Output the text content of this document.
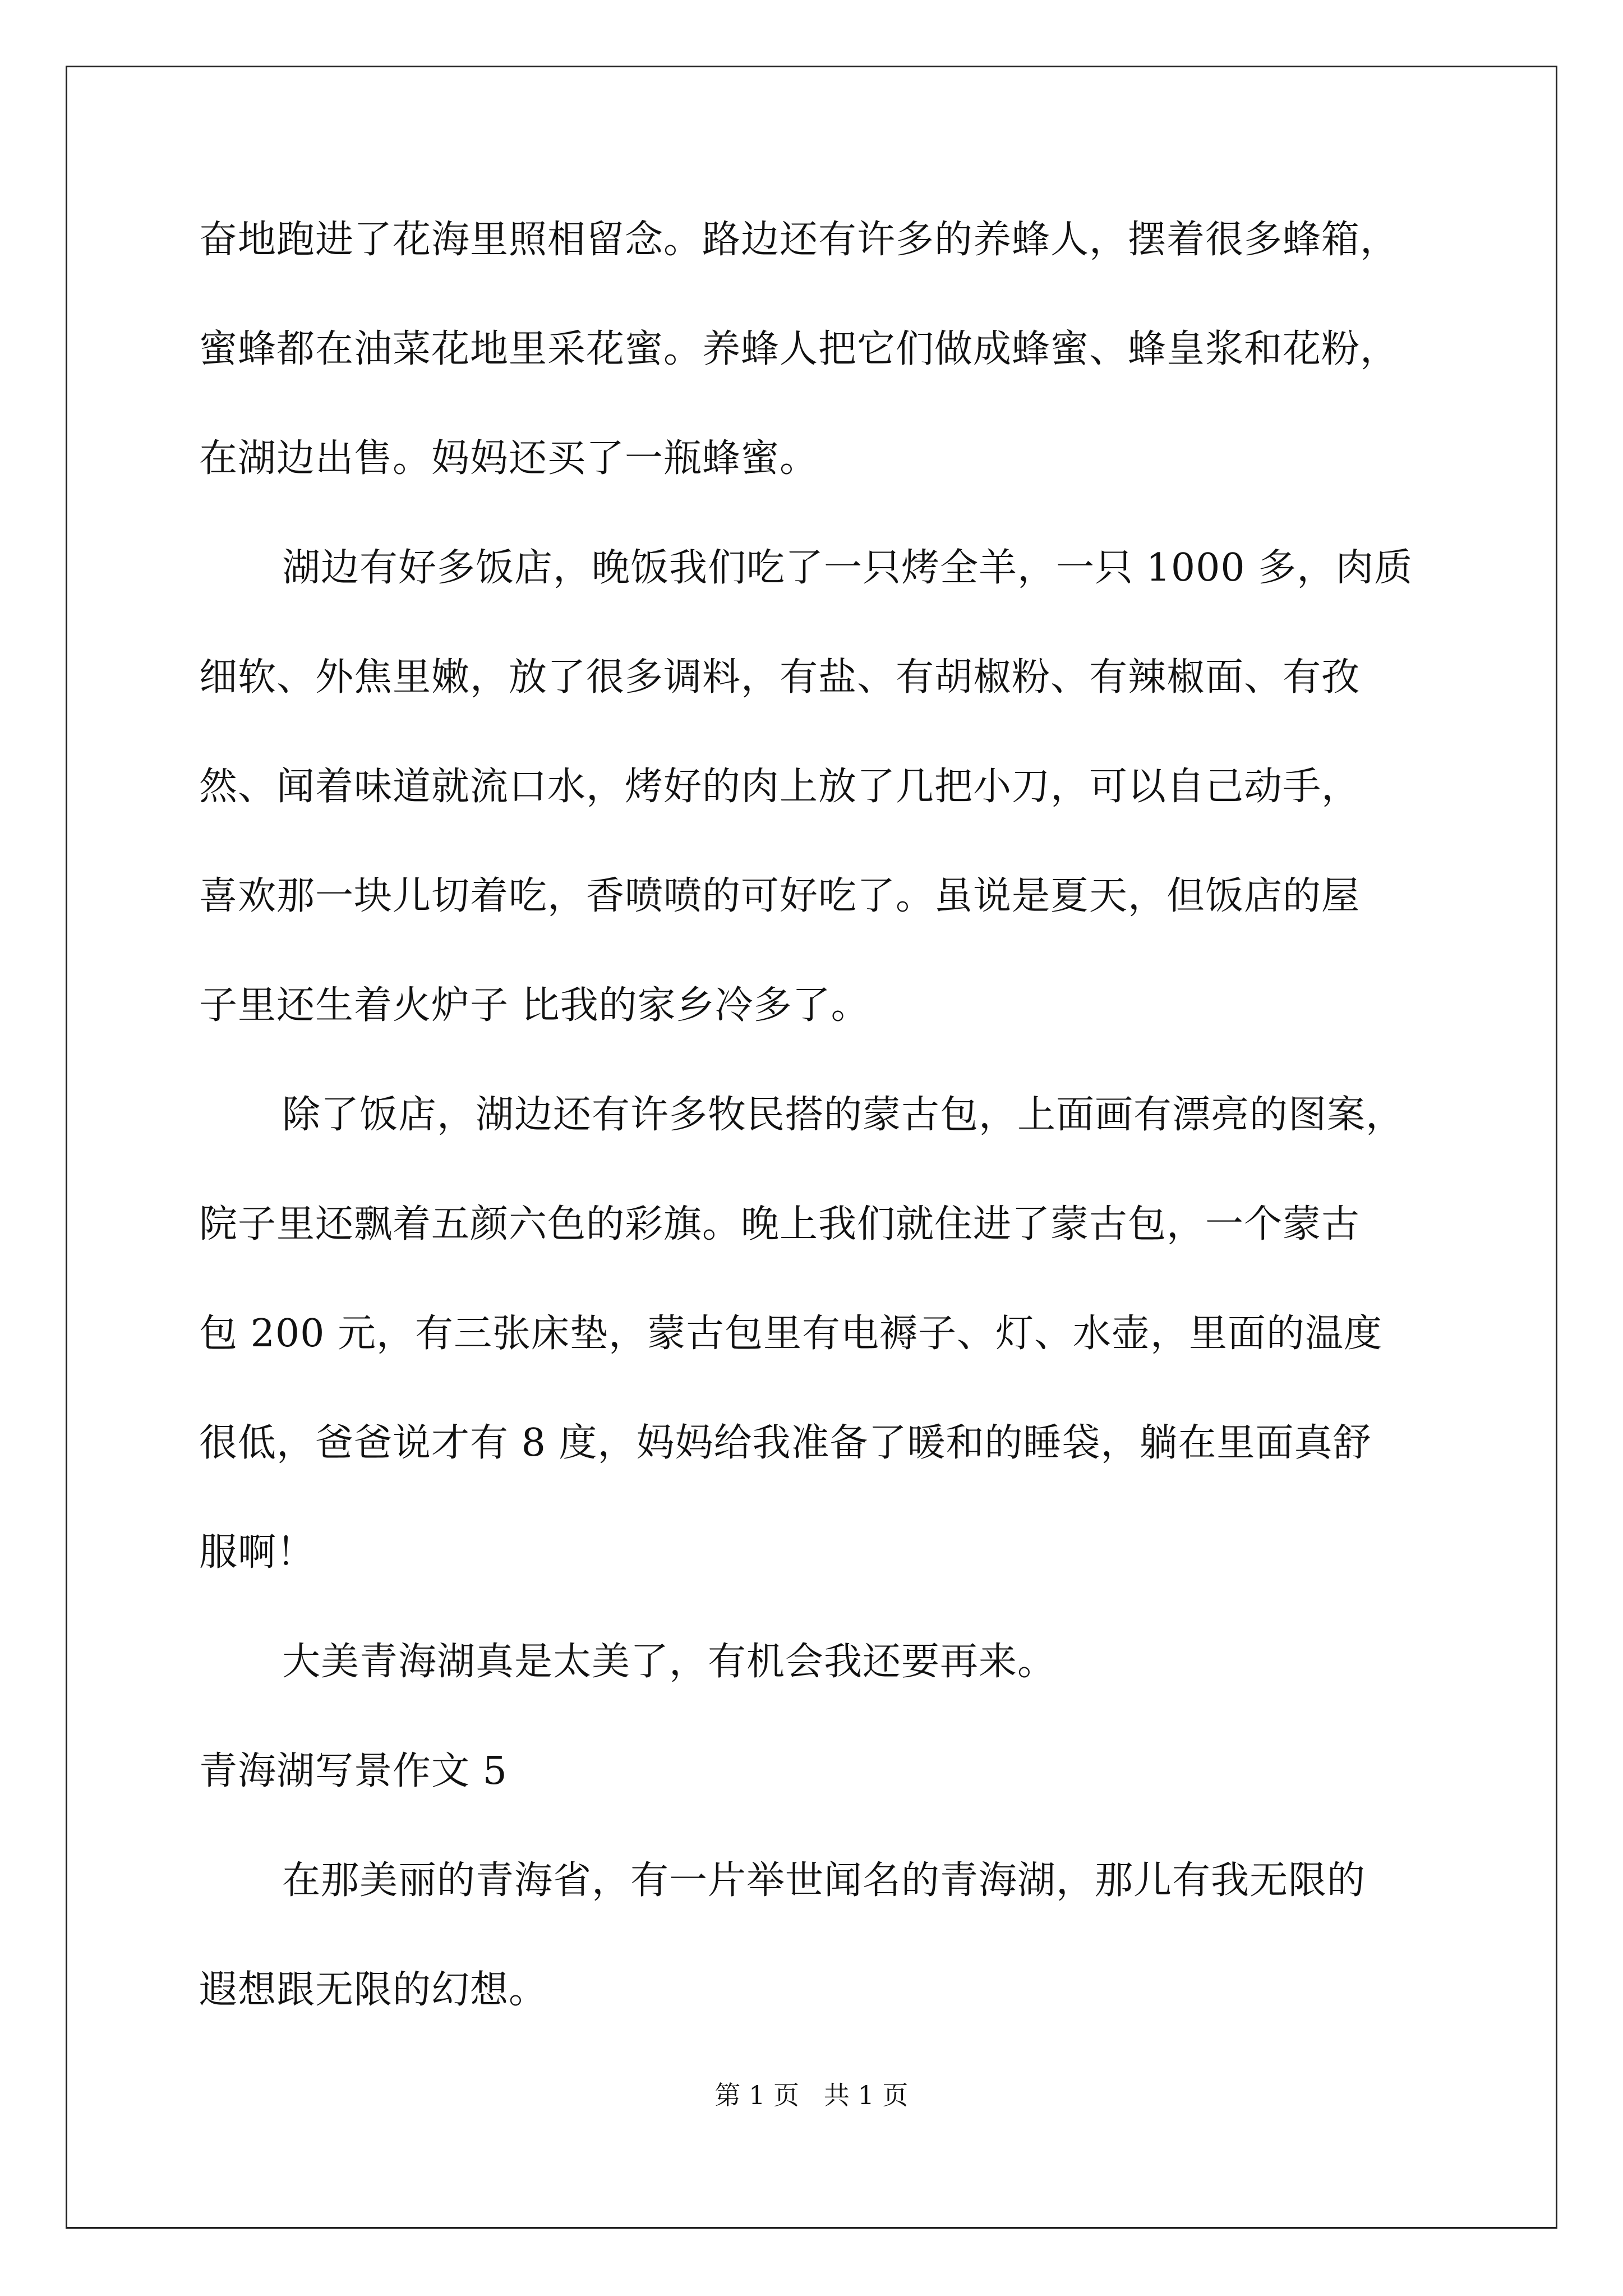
奋地跑进了花海里照相留念。路边还有许多的养蜂人，摆着很多蜂箱，
蜜蜂都在油菜花地里采花蜜。养蜂人把它们做成蜂蜜、蜂皇浆和花粉，
在湖边出售。妈妈还买了一瓶蜂蜜。
湖边有好多饭店，晚饭我们吃了一只烤全羊，一只 1000 多，肉质
细软、外焦里嫩，放了很多调料，有盐、有胡椒粉、有辣椒面、有孜
然、闻着味道就流口水，烤好的肉上放了几把小刀，可以自己动手，
喜欢那一块儿切着吃，香喷喷的可好吃了。虽说是夏天，但饭店的屋
子里还生着火炉子 比我的家乡冷多了。
除了饭店，湖边还有许多牧民搭的蒙古包，上面画有漂亮的图案，
院子里还飘着五颜六色的彩旗。晚上我们就住进了蒙古包，一个蒙古
包 200 元，有三张床垫，蒙古包里有电褥子、灯、水壶，里面的温度
很低，爸爸说才有 8 度，妈妈给我准备了暖和的睡袋，躺在里面真舒
服啊！
大美青海湖真是太美了，有机会我还要再来。
青海湖写景作文 5
在那美丽的青海省，有一片举世闻名的青海湖，那儿有我无限的
遐想跟无限的幻想。
第 1 页   共 1 页
